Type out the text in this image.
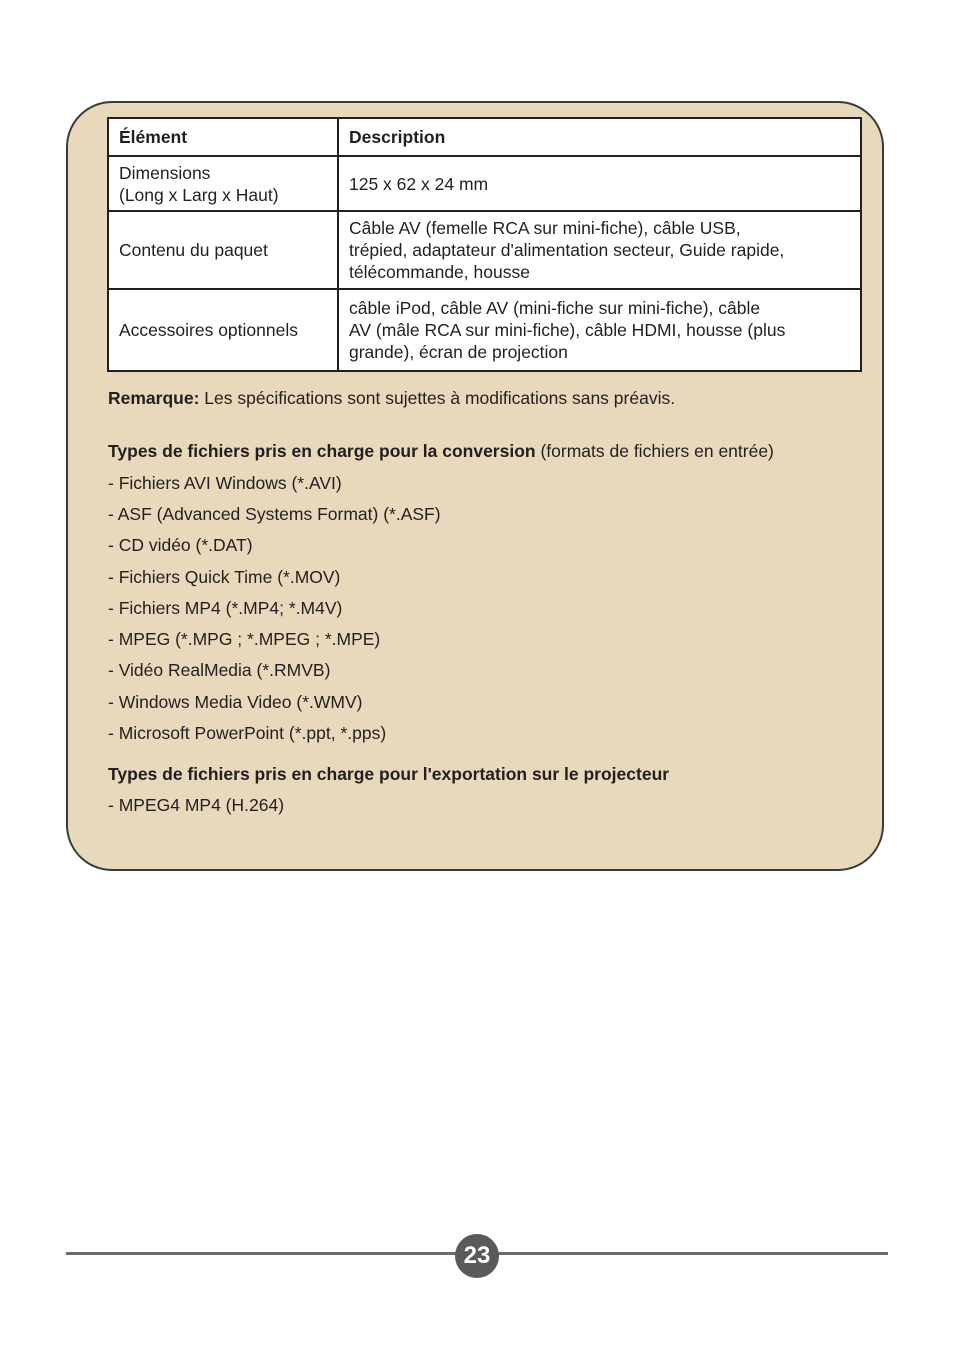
Élément	Description
Dimensions
(Long x Larg x Haut)	125 x 62 x 24 mm
Contenu du paquet	Câble AV (femelle RCA sur mini-fiche), câble USB,
trépied, adaptateur d'alimentation secteur, Guide rapide,
télécommande, housse
Accessoires optionnels	câble iPod, câble AV (mini-fiche sur mini-fiche), câble
AV (mâle RCA sur mini-fiche), câble HDMI, housse (plus
grande), écran de projection
Remarque: Les spécifications sont sujettes à modifications sans préavis.
Types de fichiers pris en charge pour la conversion (formats de fichiers en entrée)
- Fichiers AVI Windows (*.AVI)
- ASF (Advanced Systems Format) (*.ASF)
- CD vidéo (*.DAT)
- Fichiers Quick Time (*.MOV)
- Fichiers MP4 (*.MP4; *.M4V)
- MPEG (*.MPG ; *.MPEG ; *.MPE)
- Vidéo RealMedia (*.RMVB)
- Windows Media Video (*.WMV)
- Microsoft PowerPoint (*.ppt, *.pps)
Types de fichiers pris en charge pour l'exportation sur le projecteur
- MPEG4 MP4 (H.264)
23
